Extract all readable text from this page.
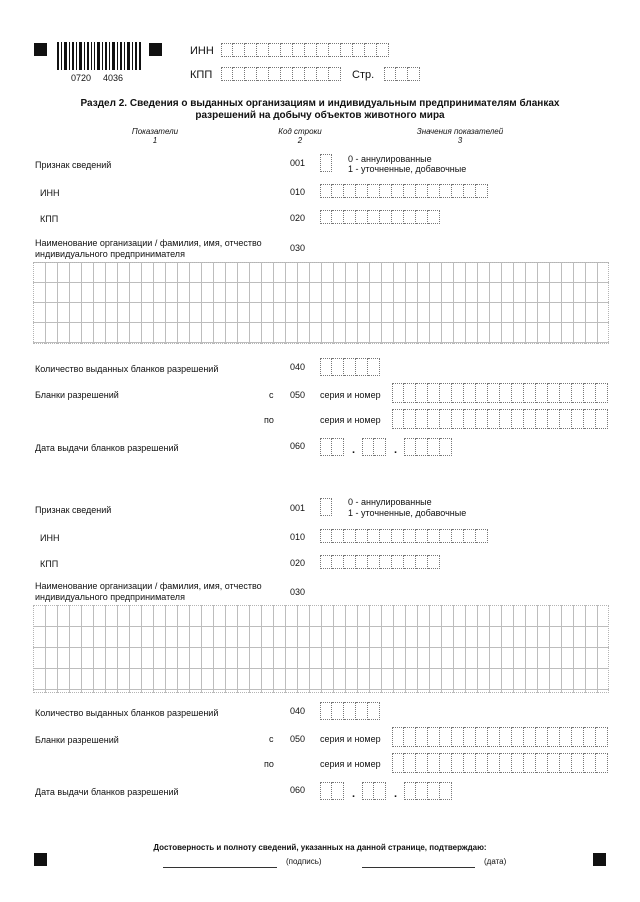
0720 4036
ИНН
КПП	Стр.
Раздел 2. Сведения о выданных организациям и индивидуальным предпринимателям бланках
разрешений на добычу объектов животного мира
Показатели
1
Код строки
2
Значения показателей
3
Признак сведений	001	0 - аннулированные
1 - уточненные, добавочные
ИНН	010
КПП	020
Наименование организации / фамилия, имя, отчество
индивидуального предпринимателя
030
Количество выданных бланков разрешений	040
Бланки разрешений	с 050 серия и номер
по	серия и номер
Дата выдачи бланков разрешений	060	.	.
Признак сведений	001
0 - аннулированные
1 - уточненные, добавочные
ИНН	010
КПП	020
Наименование организации / фамилия, имя, отчество
индивидуального предпринимателя	030
Количество выданных бланков разрешений	040
Бланки разрешений	с 050 серия и номер
по	серия и номер
Дата выдачи бланков разрешений	060	.	.
Достоверность и полноту сведений, указанных на данной странице, подтверждаю:
(подпись)	(дата)
